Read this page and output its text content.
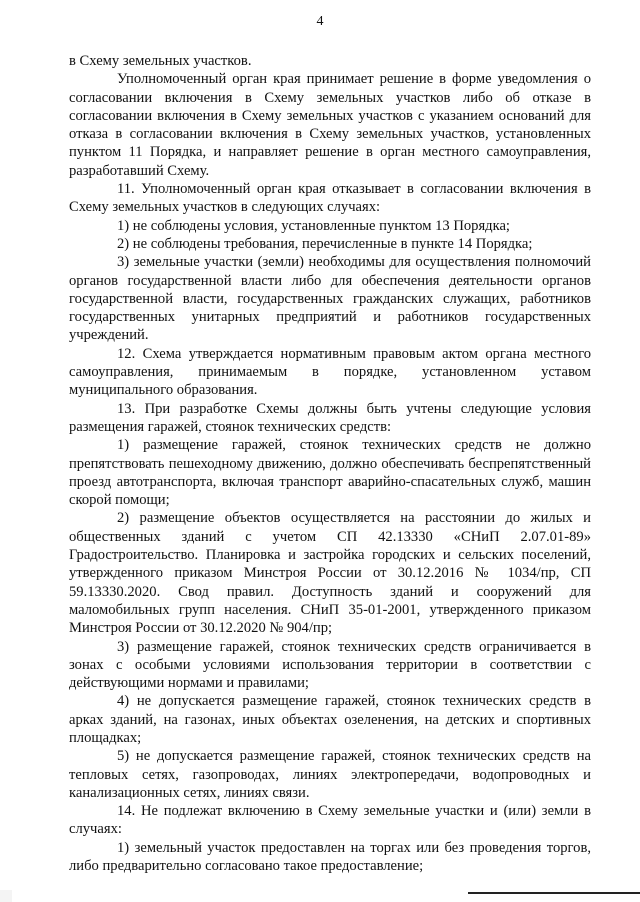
4

в Схему земельных участков.

Уполномоченный орган края принимает решение в форме уведомления о согласовании включения в Схему земельных участков либо об отказе в согласовании включения в Схему земельных участков с указанием оснований для отказа в согласовании включения в Схему земельных участков, установленных пунктом 11 Порядка, и направляет решение в орган местного самоуправления, разработавший Схему.

11. Уполномоченный орган края отказывает в согласовании включения в Схему земельных участков в следующих случаях:

1) не соблюдены условия, установленные пунктом 13 Порядка;

2) не соблюдены требования, перечисленные в пункте 14 Порядка;

3) земельные участки (земли) необходимы для осуществления полномочий органов государственной власти либо для обеспечения деятельности органов государственной власти, государственных гражданских служащих, работников государственных унитарных предприятий и работников государственных учреждений.

12. Схема утверждается нормативным правовым актом органа местного самоуправления, принимаемым в порядке, установленном уставом муниципального образования.

13. При разработке Схемы должны быть учтены следующие условия размещения гаражей, стоянок технических средств:

1) размещение гаражей, стоянок технических средств не должно препятствовать пешеходному движению, должно обеспечивать беспрепятственный проезд автотранспорта, включая транспорт аварийно-спасательных служб, машин скорой помощи;

2) размещение объектов осуществляется на расстоянии до жилых и общественных зданий с учетом СП 42.13330 «СНиП 2.07.01-89» Градостроительство. Планировка и застройка городских и сельских поселений, утвержденного приказом Минстроя России от 30.12.2016 № 1034/пр, СП 59.13330.2020. Свод правил. Доступность зданий и сооружений для маломобильных групп населения. СНиП 35-01-2001, утвержденного приказом Минстроя России от 30.12.2020 № 904/пр;

3) размещение гаражей, стоянок технических средств ограничивается в зонах с особыми условиями использования территории в соответствии с действующими нормами и правилами;

4) не допускается размещение гаражей, стоянок технических средств в арках зданий, на газонах, иных объектах озеленения, на детских и спортивных площадках;

5) не допускается размещение гаражей, стоянок технических средств на тепловых сетях, газопроводах, линиях электропередачи, водопроводных и канализационных сетях, линиях связи.

14. Не подлежат включению в Схему земельные участки и (или) земли в случаях:

1) земельный участок предоставлен на торгах или без проведения торгов, либо предварительно согласовано такое предоставление;
